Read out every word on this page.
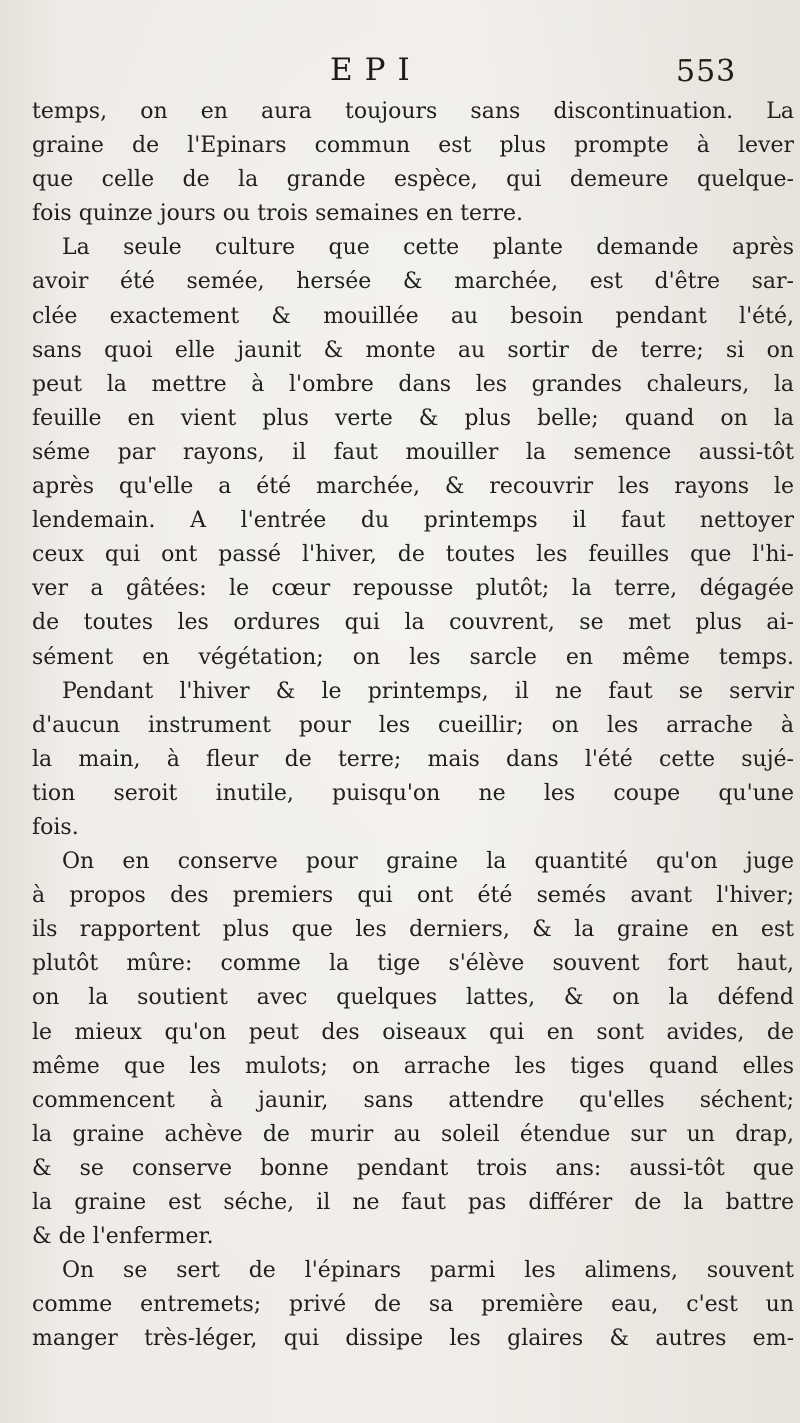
EPI	553
temps, on en aura toujours sans discontinuation. La
graine de l'Epinars commun est plus prompte à lever
que celle de la grande espèce, qui demeure quelque-
fois quinze jours ou trois semaines en terre.
La seule culture que cette plante demande après
avoir été semée, hersée & marchée, est d'être sar-
clée exactement & mouillée au besoin pendant l'été,
sans quoi elle jaunit & monte au sortir de terre; si on
peut la mettre à l'ombre dans les grandes chaleurs, la
feuille en vient plus verte & plus belle; quand on la
séme par rayons, il faut mouiller la semence aussi-tôt
après qu'elle a été marchée, & recouvrir les rayons le
lendemain. A l'entrée du printemps il faut nettoyer
ceux qui ont passé l'hiver, de toutes les feuilles que l'hi-
ver a gâtées: le cœur repousse plutôt; la terre, dégagée
de toutes les ordures qui la couvrent, se met plus ai-
sément en végétation; on les sarcle en même temps.
Pendant l'hiver & le printemps, il ne faut se servir
d'aucun instrument pour les cueillir; on les arrache à
la main, à fleur de terre; mais dans l'été cette sujé-
tion seroit inutile, puisqu'on ne les coupe qu'une
fois.
On en conserve pour graine la quantité qu'on juge
à propos des premiers qui ont été semés avant l'hiver;
ils rapportent plus que les derniers, & la graine en est
plutôt mûre: comme la tige s'élève souvent fort haut,
on la soutient avec quelques lattes, & on la défend
le mieux qu'on peut des oiseaux qui en sont avides, de
même que les mulots; on arrache les tiges quand elles
commencent à jaunir, sans attendre qu'elles séchent;
la graine achève de murir au soleil étendue sur un drap,
& se conserve bonne pendant trois ans: aussi-tôt que
la graine est séche, il ne faut pas différer de la battre
& de l'enfermer.
On se sert de l'épinars parmi les alimens, souvent
comme entremets; privé de sa première eau, c'est un
manger très-léger, qui dissipe les glaires & autres em-
